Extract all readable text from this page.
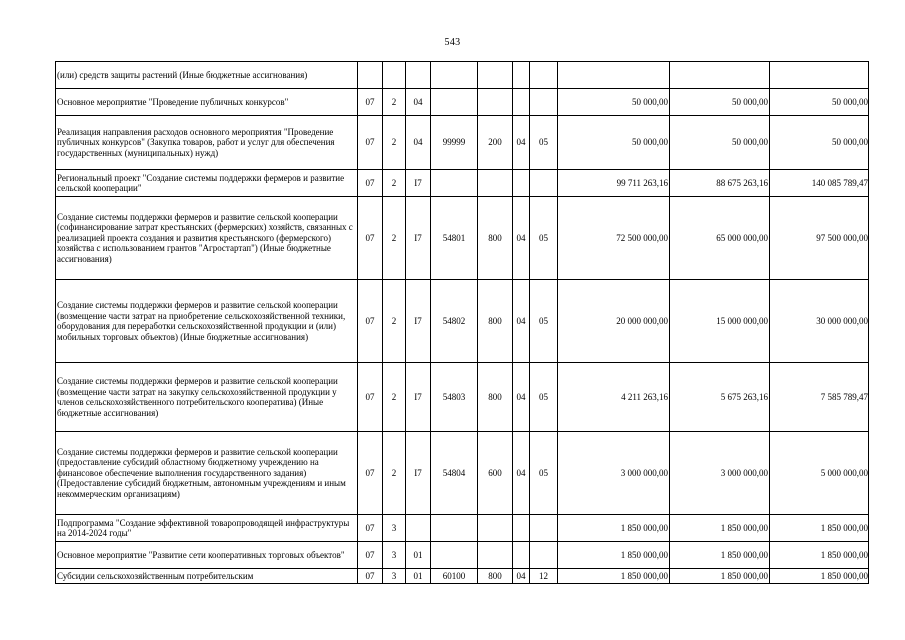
543
(или) средств защиты растений (Иные бюджетные ассигнования)										
Основное мероприятие "Проведение публичных конкурсов"	07	2	04					50 000,00	50 000,00	50 000,00
Реализация направления расходов основного мероприятия "Проведение публичных конкурсов" (Закупка товаров, работ и услуг для обеспечения государственных (муниципальных) нужд)	07	2	04	99999	200	04	05	50 000,00	50 000,00	50 000,00
Региональный проект "Создание системы поддержки фермеров и развитие сельской кооперации"	07	2	I7					99 711 263,16	88 675 263,16	140 085 789,47
Создание системы поддержки фермеров и развитие сельской кооперации (софинансирование затрат крестьянских (фермерских) хозяйств, связанных с реализацией проекта создания и развития крестьянского (фермерского) хозяйства с использованием грантов "Агростартап") (Иные бюджетные ассигнования)	07	2	I7	54801	800	04	05	72 500 000,00	65 000 000,00	97 500 000,00
Создание системы поддержки фермеров и развитие сельской кооперации (возмещение части затрат на приобретение сельскохозяйственной техники, оборудования для переработки сельскохозяйственной продукции и (или) мобильных торговых объектов) (Иные бюджетные ассигнования)	07	2	I7	54802	800	04	05	20 000 000,00	15 000 000,00	30 000 000,00
Создание системы поддержки фермеров и развитие сельской кооперации (возмещение части затрат на закупку сельскохозяйственной продукции у членов сельскохозяйственного потребительского кооператива) (Иные бюджетные ассигнования)	07	2	I7	54803	800	04	05	4 211 263,16	5 675 263,16	7 585 789,47
Создание системы поддержки фермеров и развитие сельской кооперации (предоставление субсидий областному бюджетному учреждению на финансовое обеспечение выполнения государственного задания) (Предоставление субсидий бюджетным, автономным учреждениям и иным некоммерческим организациям)	07	2	I7	54804	600	04	05	3 000 000,00	3 000 000,00	5 000 000,00
Подпрограмма "Создание эффективной товаропроводящей инфраструктуры на 2014-2024 годы"	07	3						1 850 000,00	1 850 000,00	1 850 000,00
Основное мероприятие "Развитие сети кооперативных торговых объектов"	07	3	01					1 850 000,00	1 850 000,00	1 850 000,00
Субсидии сельскохозяйственным потребительским	07	3	01	60100	800	04	12	1 850 000,00	1 850 000,00	1 850 000,00
